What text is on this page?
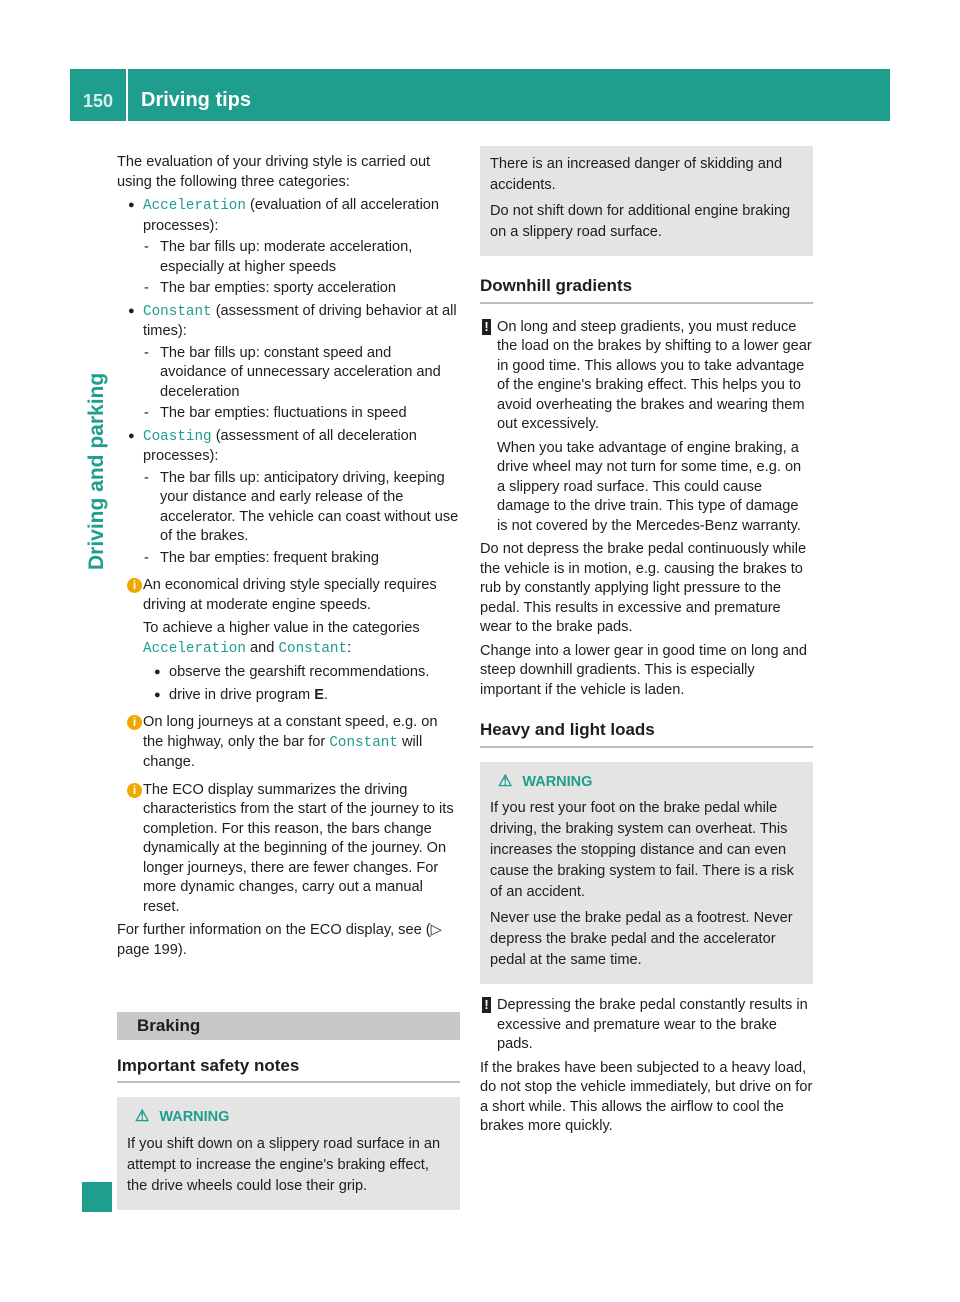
150	Driving tips
Driving and parking

The evaluation of your driving style is carried out using the following three categories:

● Acceleration (evaluation of all acceleration processes):
- The bar fills up: moderate acceleration, especially at higher speeds
- The bar empties: sporty acceleration
● Constant (assessment of driving behavior at all times):
- The bar fills up: constant speed and avoidance of unnecessary acceleration and deceleration
- The bar empties: fluctuations in speed
● Coasting (assessment of all deceleration processes):
- The bar fills up: anticipatory driving, keeping your distance and early release of the accelerator. The vehicle can coast without use of the brakes.
- The bar empties: frequent braking
i An economical driving style specially requires driving at moderate engine speeds.

To achieve a higher value in the categories Acceleration and Constant:

● observe the gearshift recommendations.
● drive in drive program E.
i On long journeys at a constant speed, e.g. on the highway, only the bar for Constant will change.
i The ECO display summarizes the driving characteristics from the start of the journey to its completion. For this reason, the bars change dynamically at the beginning of the journey. On longer journeys, there are fewer changes. For more dynamic changes, carry out a manual reset.

For further information on the ECO display, see (▷ page 199).

Braking
Important safety notes
⚠ WARNING

If you shift down on a slippery road surface in an attempt to increase the engine's braking effect, the drive wheels could lose their grip.

There is an increased danger of skidding and accidents.

Do not shift down for additional engine braking on a slippery road surface.

Downhill gradients
! On long and steep gradients, you must reduce the load on the brakes by shifting to a lower gear in good time. This allows you to take advantage of the engine's braking effect. This helps you to avoid overheating the brakes and wearing them out excessively.

When you take advantage of engine braking, a drive wheel may not turn for some time, e.g. on a slippery road surface. This could cause damage to the drive train. This type of damage is not covered by the Mercedes-Benz warranty.

Do not depress the brake pedal continuously while the vehicle is in motion, e.g. causing the brakes to rub by constantly applying light pressure to the pedal. This results in excessive and premature wear to the brake pads.

Change into a lower gear in good time on long and steep downhill gradients. This is especially important if the vehicle is laden.

Heavy and light loads
⚠ WARNING

If you rest your foot on the brake pedal while driving, the braking system can overheat. This increases the stopping distance and can even cause the braking system to fail. There is a risk of an accident.

Never use the brake pedal as a footrest. Never depress the brake pedal and the accelerator pedal at the same time.

! Depressing the brake pedal constantly results in excessive and premature wear to the brake pads.

If the brakes have been subjected to a heavy load, do not stop the vehicle immediately, but drive on for a short while. This allows the airflow to cool the brakes more quickly.
